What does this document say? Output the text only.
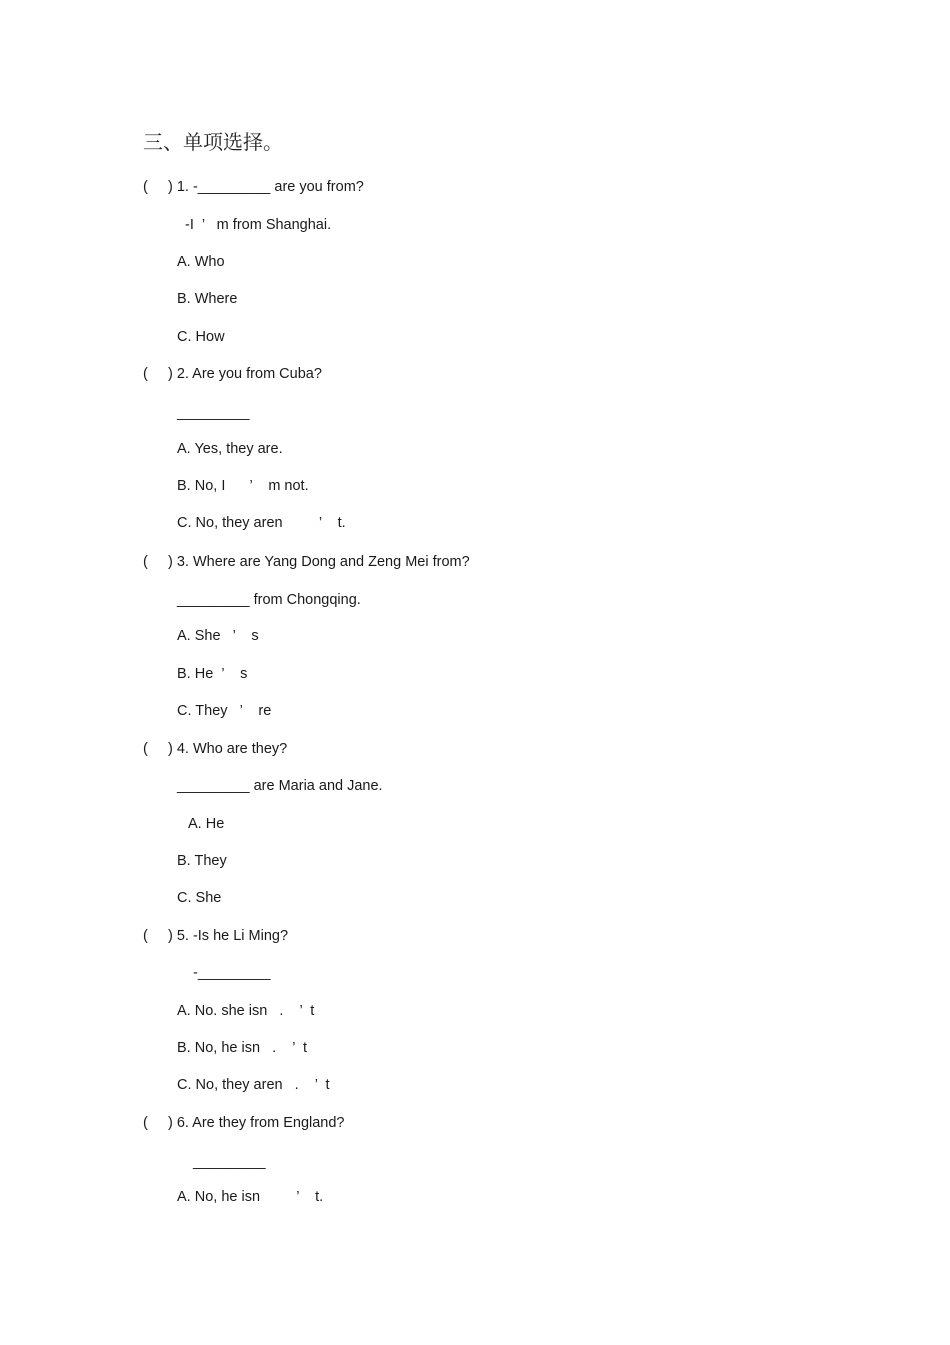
三、单项选择。
(     ) 1. -_________ are you from?
-I  ’   m from Shanghai.
A. Who
B. Where
C. How
(     ) 2. Are you from Cuba?
_________
A. Yes, they are.
B. No, I      ’    m not.
C. No, they aren         ’    t.
(     ) 3. Where are Yang Dong and Zeng Mei from?
_________ from Chongqing.
A. She   ’    s
B. He  ’    s
C. They   ’    re
(     ) 4. Who are they?
_________ are Maria and Jane.
A. He
B. They
C. She
(     ) 5. -Is he Li Ming?
-_________
A. No. she isn   .    ’  t
B. No, he isn   .    ’  t
C. No, they aren   .    ’  t
(     ) 6. Are they from England?
_________
A. No, he isn         ’    t.
